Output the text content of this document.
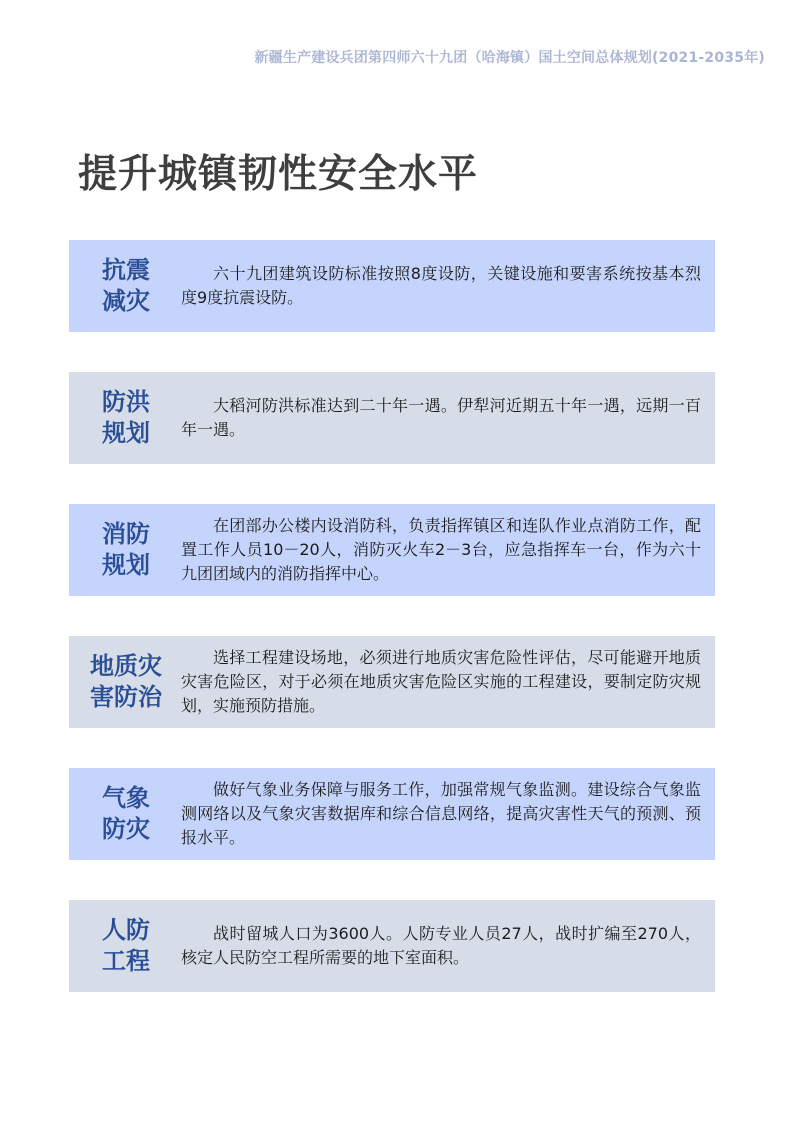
新疆生产建设兵团第四师六十九团（哈海镇）国土空间总体规划(2021-2035年)
提升城镇韧性安全水平
抗震
减灾
六十九团建筑设防标准按照8度设防，关键设施和要害系统按基本烈度9度抗震设防。
防洪
规划
大稻河防洪标准达到二十年一遇。伊犁河近期五十年一遇，远期一百年一遇。
消防
规划
在团部办公楼内设消防科，负责指挥镇区和连队作业点消防工作，配置工作人员10－20人，消防灭火车2－3台，应急指挥车一台，作为六十九团团域内的消防指挥中心。
地质灾
害防治
选择工程建设场地，必须进行地质灾害危险性评估，尽可能避开地质灾害危险区，对于必须在地质灾害危险区实施的工程建设，要制定防灾规划，实施预防措施。
气象
防灾
做好气象业务保障与服务工作，加强常规气象监测。建设综合气象监测网络以及气象灾害数据库和综合信息网络，提高灾害性天气的预测、预报水平。
人防
工程
战时留城人口为3600人。人防专业人员27人，战时扩编至270人，核定人民防空工程所需要的地下室面积。
